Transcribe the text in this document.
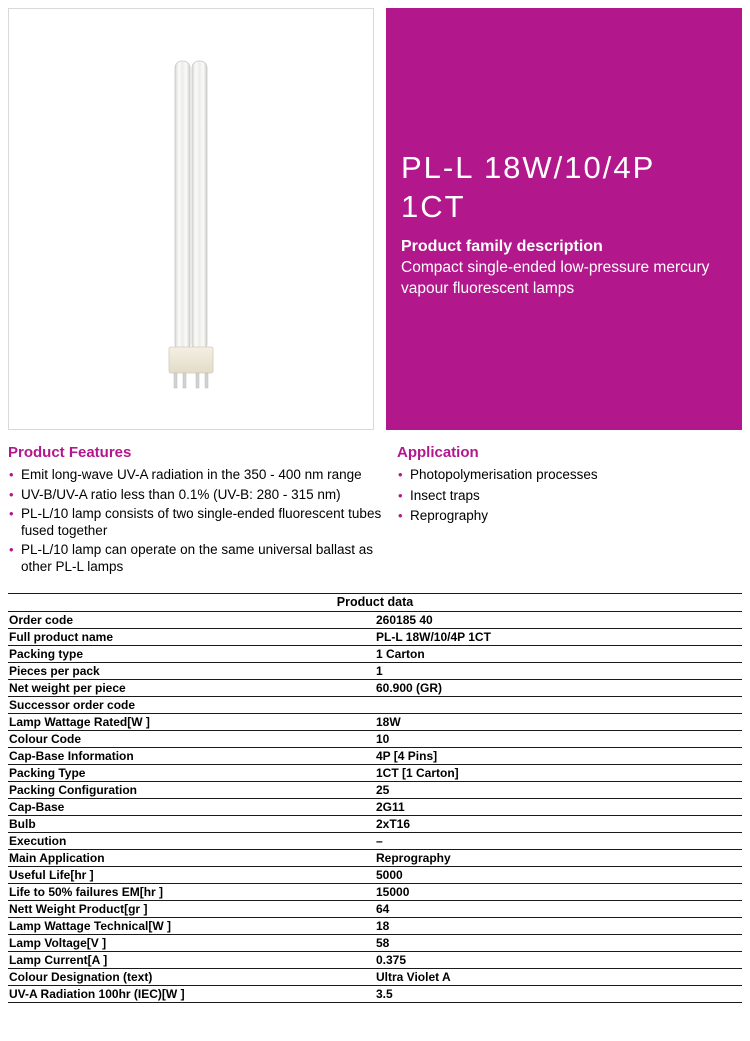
PL-L 18W/10/4P
1CT
Product family description
Compact single-ended low-pressure mercury vapour fluorescent lamps
Product Features
• Emit long-wave UV-A radiation in the 350 - 400 nm range
• UV-B/UV-A ratio less than 0.1% (UV-B: 280 - 315 nm)
• PL-L/10 lamp consists of two single-ended fluorescent tubes fused together
• PL-L/10 lamp can operate on the same universal ballast as other PL-L lamps
Application
• Photopolymerisation processes
• Insect traps
• Reprography
Product data
Order code	260185 40
Full product name	PL-L 18W/10/4P 1CT
Packing type	1 Carton
Pieces per pack	1
Net weight per piece	60.900 (GR)
Successor order code	
Lamp Wattage Rated[W ]	18W
Colour Code	10
Cap-Base Information	4P [4 Pins]
Packing Type	1CT [1 Carton]
Packing Configuration	25
Cap-Base	2G11
Bulb	2xT16
Execution	–
Main Application	Reprography
Useful Life[hr ]	5000
Life to 50% failures EM[hr ]	15000
Nett Weight Product[gr ]	64
Lamp Wattage Technical[W ]	18
Lamp Voltage[V ]	58
Lamp Current[A ]	0.375
Colour Designation (text)	Ultra Violet A
UV-A Radiation 100hr (IEC)[W ]	3.5
